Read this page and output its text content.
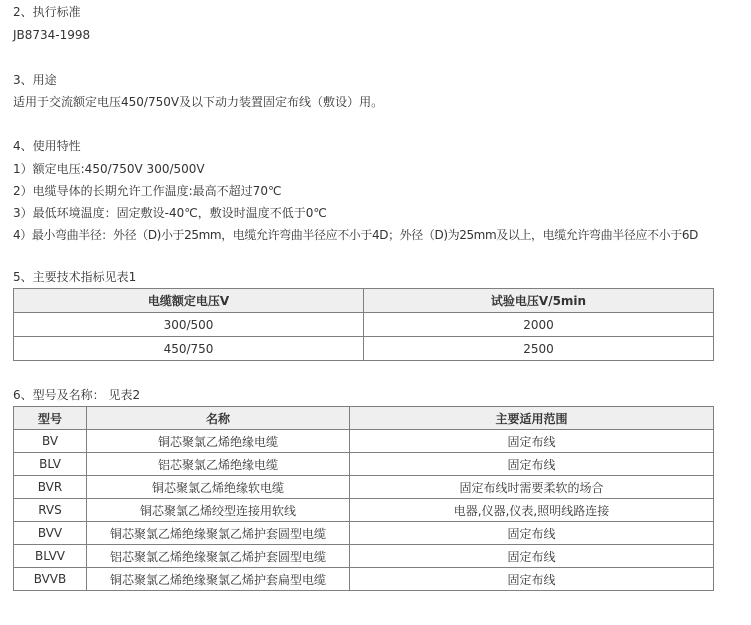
2、执行标准
JB8734-1998
3、用途
适用于交流额定电压450/750V及以下动力装置固定布线（敷设）用。
4、使用特性
1）额定电压:450/750V 300/500V
2）电缆导体的长期允许工作温度:最高不超过70℃
3）最低环境温度：固定敷设-40℃，敷设时温度不低于0℃
4）最小弯曲半径：外径（D)小于25mm，电缆允许弯曲半径应不小于4D；外径（D)为25mm及以上，电缆允许弯曲半径应不小于6D
5、主要技术指标见表1
电缆额定电压V	试验电压V/5min
300/500	2000
450/750	2500
6、型号及名称： 见表2
型号	名称	主要适用范围
BV	铜芯聚氯乙烯绝缘电缆	固定布线
BLV	铝芯聚氯乙烯绝缘电缆	固定布线
BVR	铜芯聚氯乙烯绝缘软电缆	固定布线时需要柔软的场合
RVS	铜芯聚氯乙烯绞型连接用软线	电器,仪器,仪表,照明线路连接
BVV	铜芯聚氯乙烯绝缘聚氯乙烯护套圆型电缆	固定布线
BLVV	铝芯聚氯乙烯绝缘聚氯乙烯护套圆型电缆	固定布线
BVVB	铜芯聚氯乙烯绝缘聚氯乙烯护套扁型电缆	固定布线
